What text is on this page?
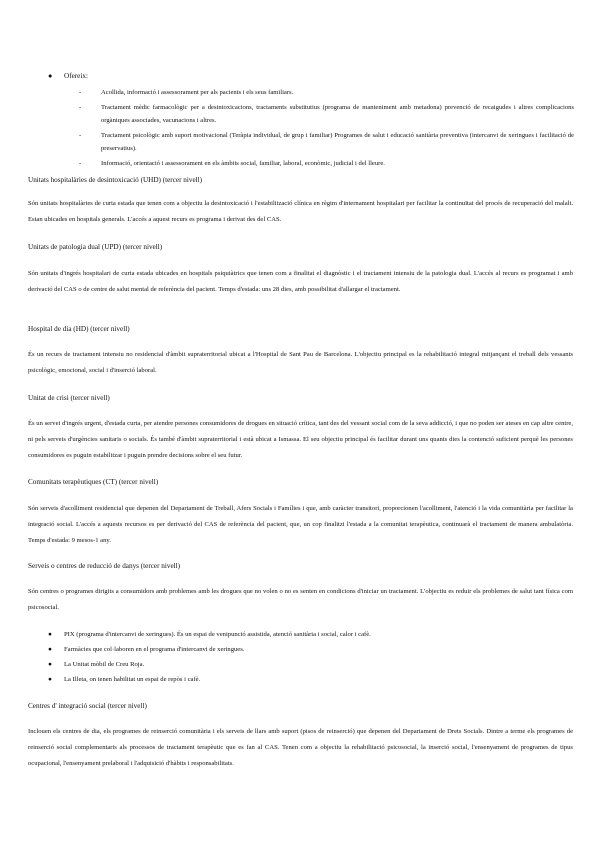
● Ofereix:
-	Acollida, informació i assessorament per als pacients i els seus familiars.
-	Tractament mèdic farmacològic per a desintoxicacions, tractaments substitutius (programa de manteniment amb metadona) prevenció de recaigudes i altres complicacions orgàniques associades, vacunacions i altres.
-	Tractament psicològic amb suport motivacional (Teràpia individual, de grup i familiar) Programes de salut i educació sanitària preventiva (intercanvi de xeringues i facilitació de preservatius).
-	Informació, orientació i assessorament en els àmbits social, familiar, laboral, econòmic, judicial i del lleure.
Unitats hospitalàries de desintoxicació (UHD) (tercer nivell)
Són unitats hospitalàries de curta estada que tenen com a objectiu la desintoxicació i l'estabilització clínica en règim d'internament hospitalari per facilitar la continuïtat del procés de recuperació del malalt. Estan ubicades en hospitals generals. L'accés a aquest recurs es programa i derivat des del CAS.
Unitats de patologia dual (UPD) (tercer nivell)
Són unitats d'ingrés hospitalari de curta estada ubicades en hospitals psiquiàtrics que tenen com a finalitat el diagnòstic i el tractament intensiu de la patologia dual. L'accés al recurs es programat i amb derivació del CAS o de centre de salut mental de referència del pacient. Temps d'estada: uns 28 dies, amb possibilitat d'allargar el tractament.
Hospital de dia (HD) (tercer nivell)
És un recurs de tractament intensiu no residencial d'àmbit supraterritorial ubicat a l'Hospital de Sant Pau de Barcelona. L'objectiu principal es la rehabilitació integral mitjançant el treball dels vessants psicològic, emocional, social i d'inserció laboral.
Unitat de crisi (tercer nivell)
És un servei d'ingrés urgent, d'estada curta, per atendre persones consumidores de drogues en situació crítica, tant des del vessant social com de la seva addicció, i que no poden ser ateses en cap altre centre, ni pels serveis d'urgències sanitaris o socials. És també d'àmbit supraterritorial i està ubicat a Ismassa. El seu objectiu principal és facilitar durant uns quants dies la contenció suficient perquè les persones consumidores es puguin estabilitzar i puguin prendre decisions sobre el seu futur.
Comunitats terapèutiques (CT) (tercer nivell)
Són serveis d'acolliment residencial que depenen del Departament de Treball, Afers Socials i Famílies i que, amb caràcter transitori, proporcionen l'acolliment, l'atenció i la vida comunitària per facilitar la integració social. L'accés a aquests recursos es per derivació del CAS de referència del pacient, que, un cop finalitzi l'estada a la comunitat terapèutica, continuarà el tractament de manera ambulatòria. Temps d'estada: 9 mesos-1 any.
Serveis o centres de reducció de danys (tercer nivell)
Són centres o programes dirigits a consumidors amb problemes amb les drogues que no volen o no es senten en condicions d'iniciar un tractament. L'objectiu es reduir els problemes de salut tant física com psicosocial.
● PIX (programa d'intercanvi de xeringues). És un espai de venipunció assistida, atenció sanitària i social, calor i cafè.
● Farmàcies que col·laboren en el programa d'intercanvi de xeringues.
● La Unitat mòbil de Creu Roja.
● La Illeta, on tenen habilitat un espai de repòs i cafè.
Centres d' integració social (tercer nivell)
Inclouen els centres de dia, els programes de reinserció comunitària i els serveis de llars amb suport (pisos de reinserció) que depenen del Departament de Drets Socials. Dintre a terme els programes de reinserció social complementaris als processos de tractament terapèutic que es fan al CAS. Tenen com a objectiu la rehabilitació psicosocial, la inserció social, l'ensenyament de programes de tipus ocupacional, l'ensenyament prelaboral i l'adquisició d'hàbits i responsabilitats.
